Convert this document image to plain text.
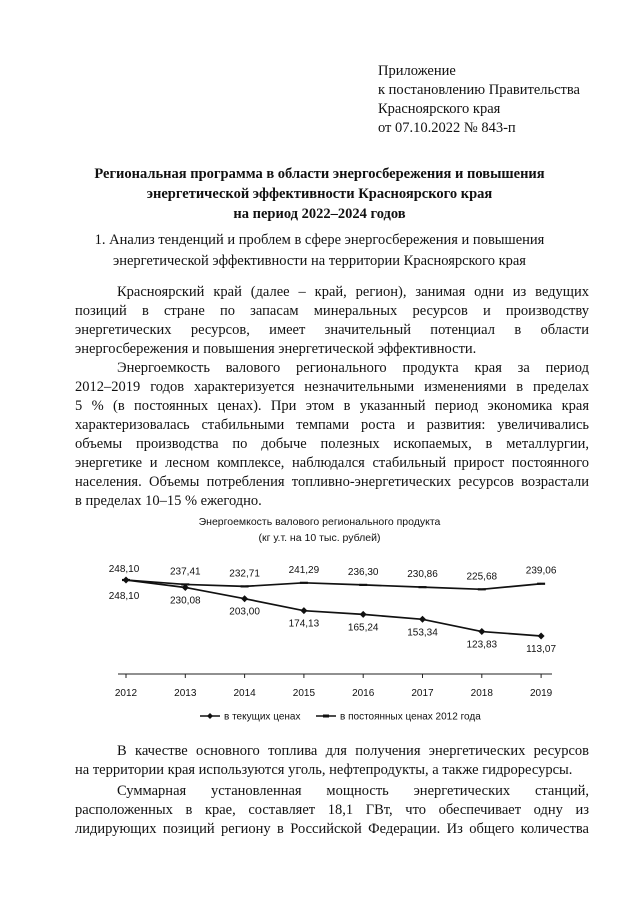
Приложение
к постановлению Правительства
Красноярского края
от 07.10.2022 № 843-п
Региональная программа в области энергосбережения и повышения
энергетической эффективности Красноярского края
на период 2022–2024 годов
1. Анализ тенденций и проблем в сфере энергосбережения и повышения
энергетической эффективности на территории Красноярского края
Красноярский край (далее – край, регион), занимая одни из ведущих
позиций в стране по запасам минеральных ресурсов и производству
энергетических ресурсов, имеет значительный потенциал в области
энергосбережения и повышения энергетической эффективности.
Энергоемкость валового регионального продукта края за период
2012–2019 годов характеризуется незначительными изменениями в пределах
5 % (в постоянных ценах). При этом в указанный период экономика края
характеризовалась стабильными темпами роста и развития: увеличивались
объемы производства по добыче полезных ископаемых, в металлургии,
энергетике и лесном комплексе, наблюдался стабильный прирост постоянного
населения. Объемы потребления топливно-энергетических ресурсов возрастали
в пределах 10–15 % ежегодно.
Энергоемкость валового регионального продукта
(кг у.т. на 10 тыс. рублей)
2012	2013	2014	2015	2016	2017	2018	2019
248,10	230,08
203,00
174,13	165,24	153,34
123,83	113,07
248,10	237,41	232,71	241,29	236,30	230,86	225,68
239,06
в текущих ценах	в постоянных ценах 2012 года
В качестве основного топлива для получения энергетических ресурсов
на территории края используются уголь, нефтепродукты, а также гидроресурсы.
Суммарная установленная мощность энергетических станций,
расположенных в крае, составляет 18,1 ГВт, что обеспечивает одну из
лидирующих позиций региону в Российской Федерации. Из общего количества
